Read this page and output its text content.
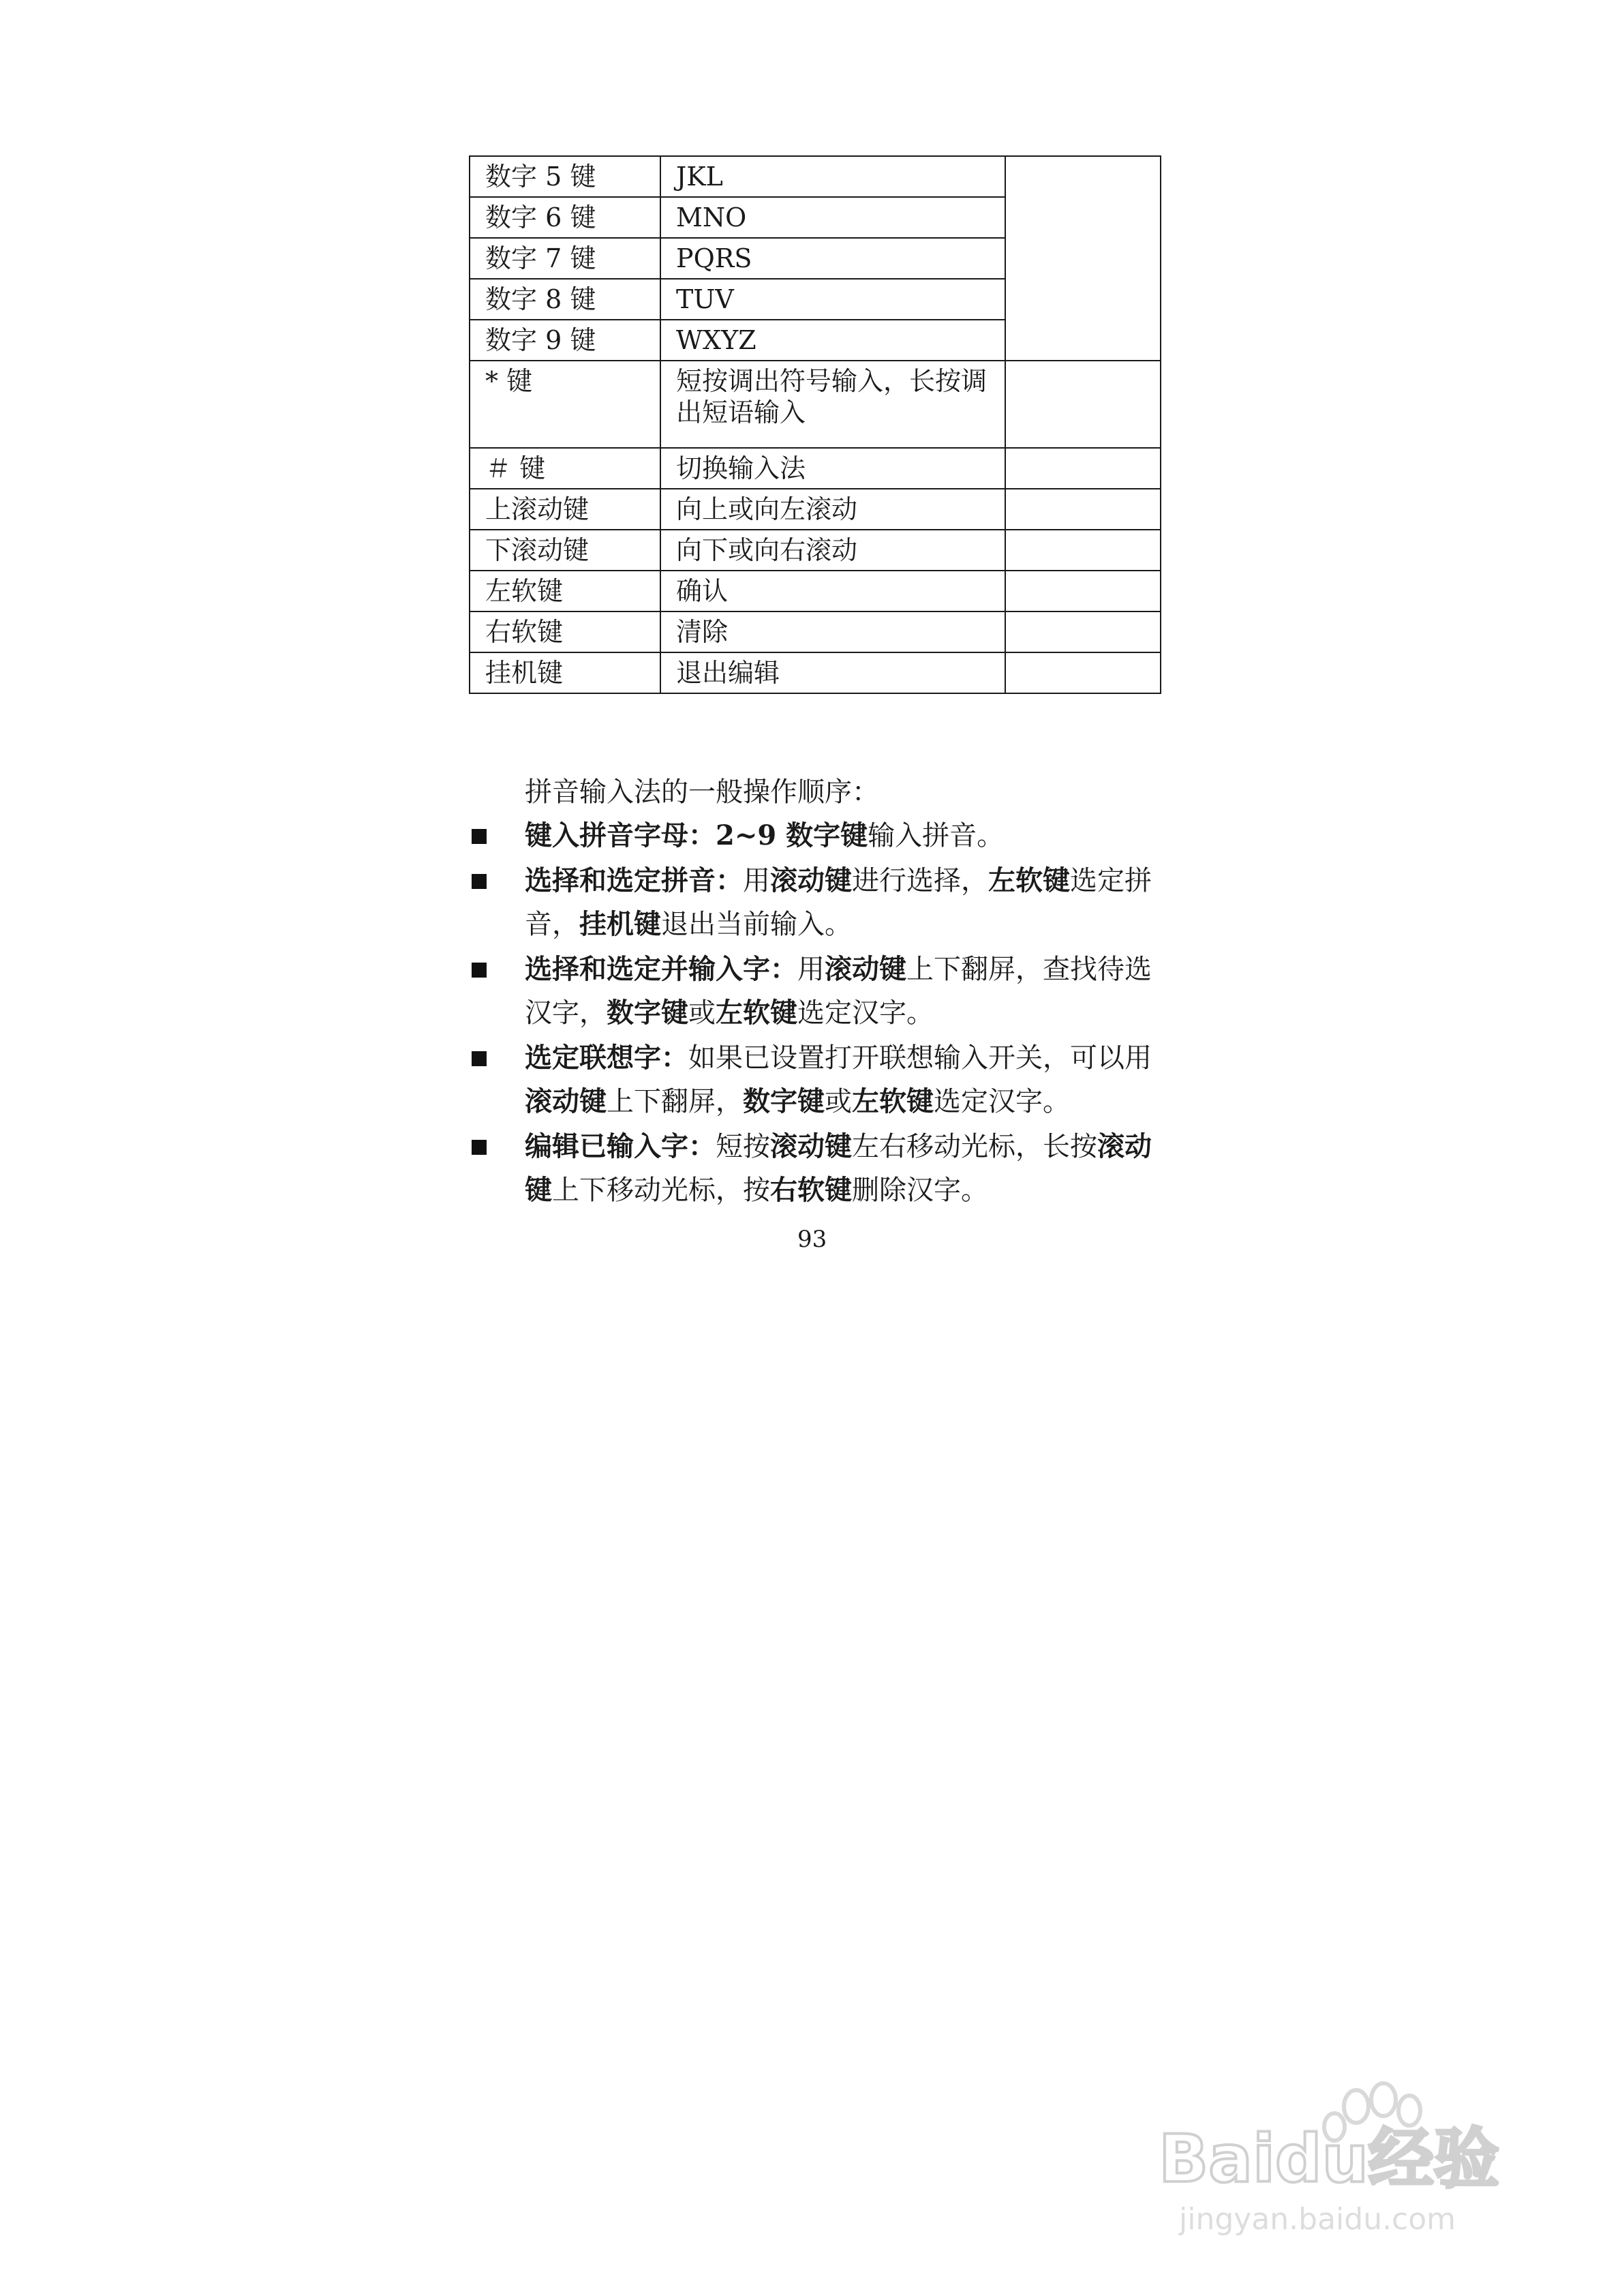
数字 5 键	JKL	
数字 6 键	MNO	
数字 7 键	PQRS	
数字 8 键	TUV	
数字 9 键	WXYZ	
* 键	短按调出符号输入，长按调出短语输入	
＃ 键	切换输入法	
上滚动键	向上或向左滚动	
下滚动键	向下或向右滚动	
左软键	确认	
右软键	清除	
挂机键	退出编辑	
拼音输入法的一般操作顺序：
键入拼音字母：2~9 数字键输入拼音。
选择和选定拼音：用滚动键进行选择，左软键选定拼音，挂机键退出当前输入。
选择和选定并输入字：用滚动键上下翻屏，查找待选汉字，数字键或左软键选定汉字。
选定联想字：如果已设置打开联想输入开关，可以用滚动键上下翻屏，数字键或左软键选定汉字。
编辑已输入字：短按滚动键左右移动光标，长按滚动键上下移动光标，按右软键删除汉字。
93
Baidu经验
jingyan.baidu.com
